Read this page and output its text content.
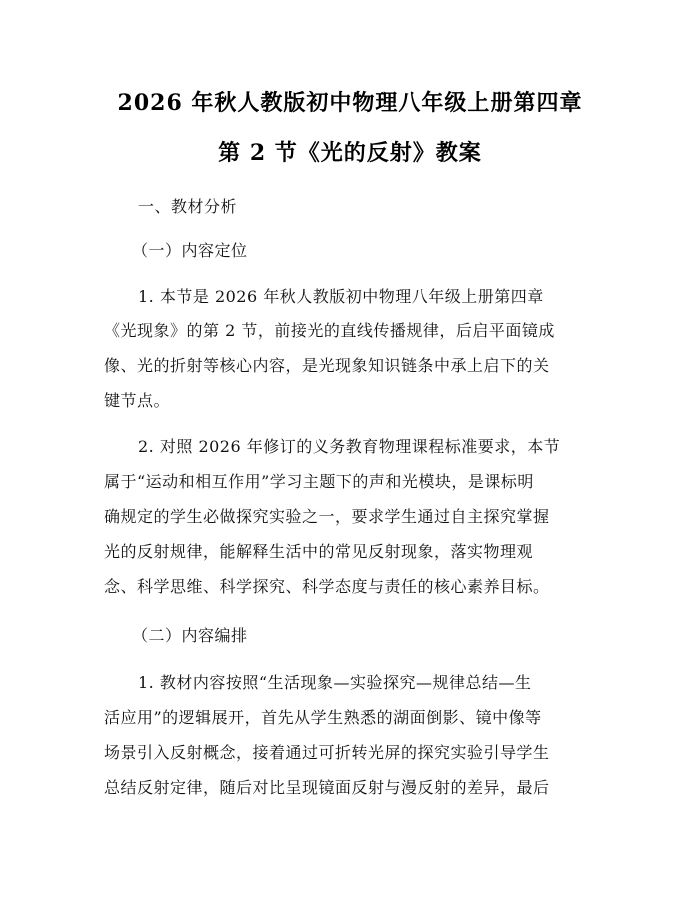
2026 年秋人教版初中物理八年级上册第四章
第 2 节《光的反射》教案
一、教材分析
（一）内容定位
1. 本节是 2026 年秋人教版初中物理八年级上册第四章
《光现象》的第 2 节，前接光的直线传播规律，后启平面镜成
像、光的折射等核心内容，是光现象知识链条中承上启下的关
键节点。
2. 对照 2026 年修订的义务教育物理课程标准要求，本节
属于“运动和相互作用”学习主题下的声和光模块，是课标明
确规定的学生必做探究实验之一，要求学生通过自主探究掌握
光的反射规律，能解释生活中的常见反射现象，落实物理观
念、科学思维、科学探究、科学态度与责任的核心素养目标。
（二）内容编排
1. 教材内容按照“生活现象—实验探究—规律总结—生
活应用”的逻辑展开，首先从学生熟悉的湖面倒影、镜中像等
场景引入反射概念，接着通过可折转光屏的探究实验引导学生
总结反射定律，随后对比呈现镜面反射与漫反射的差异，最后
